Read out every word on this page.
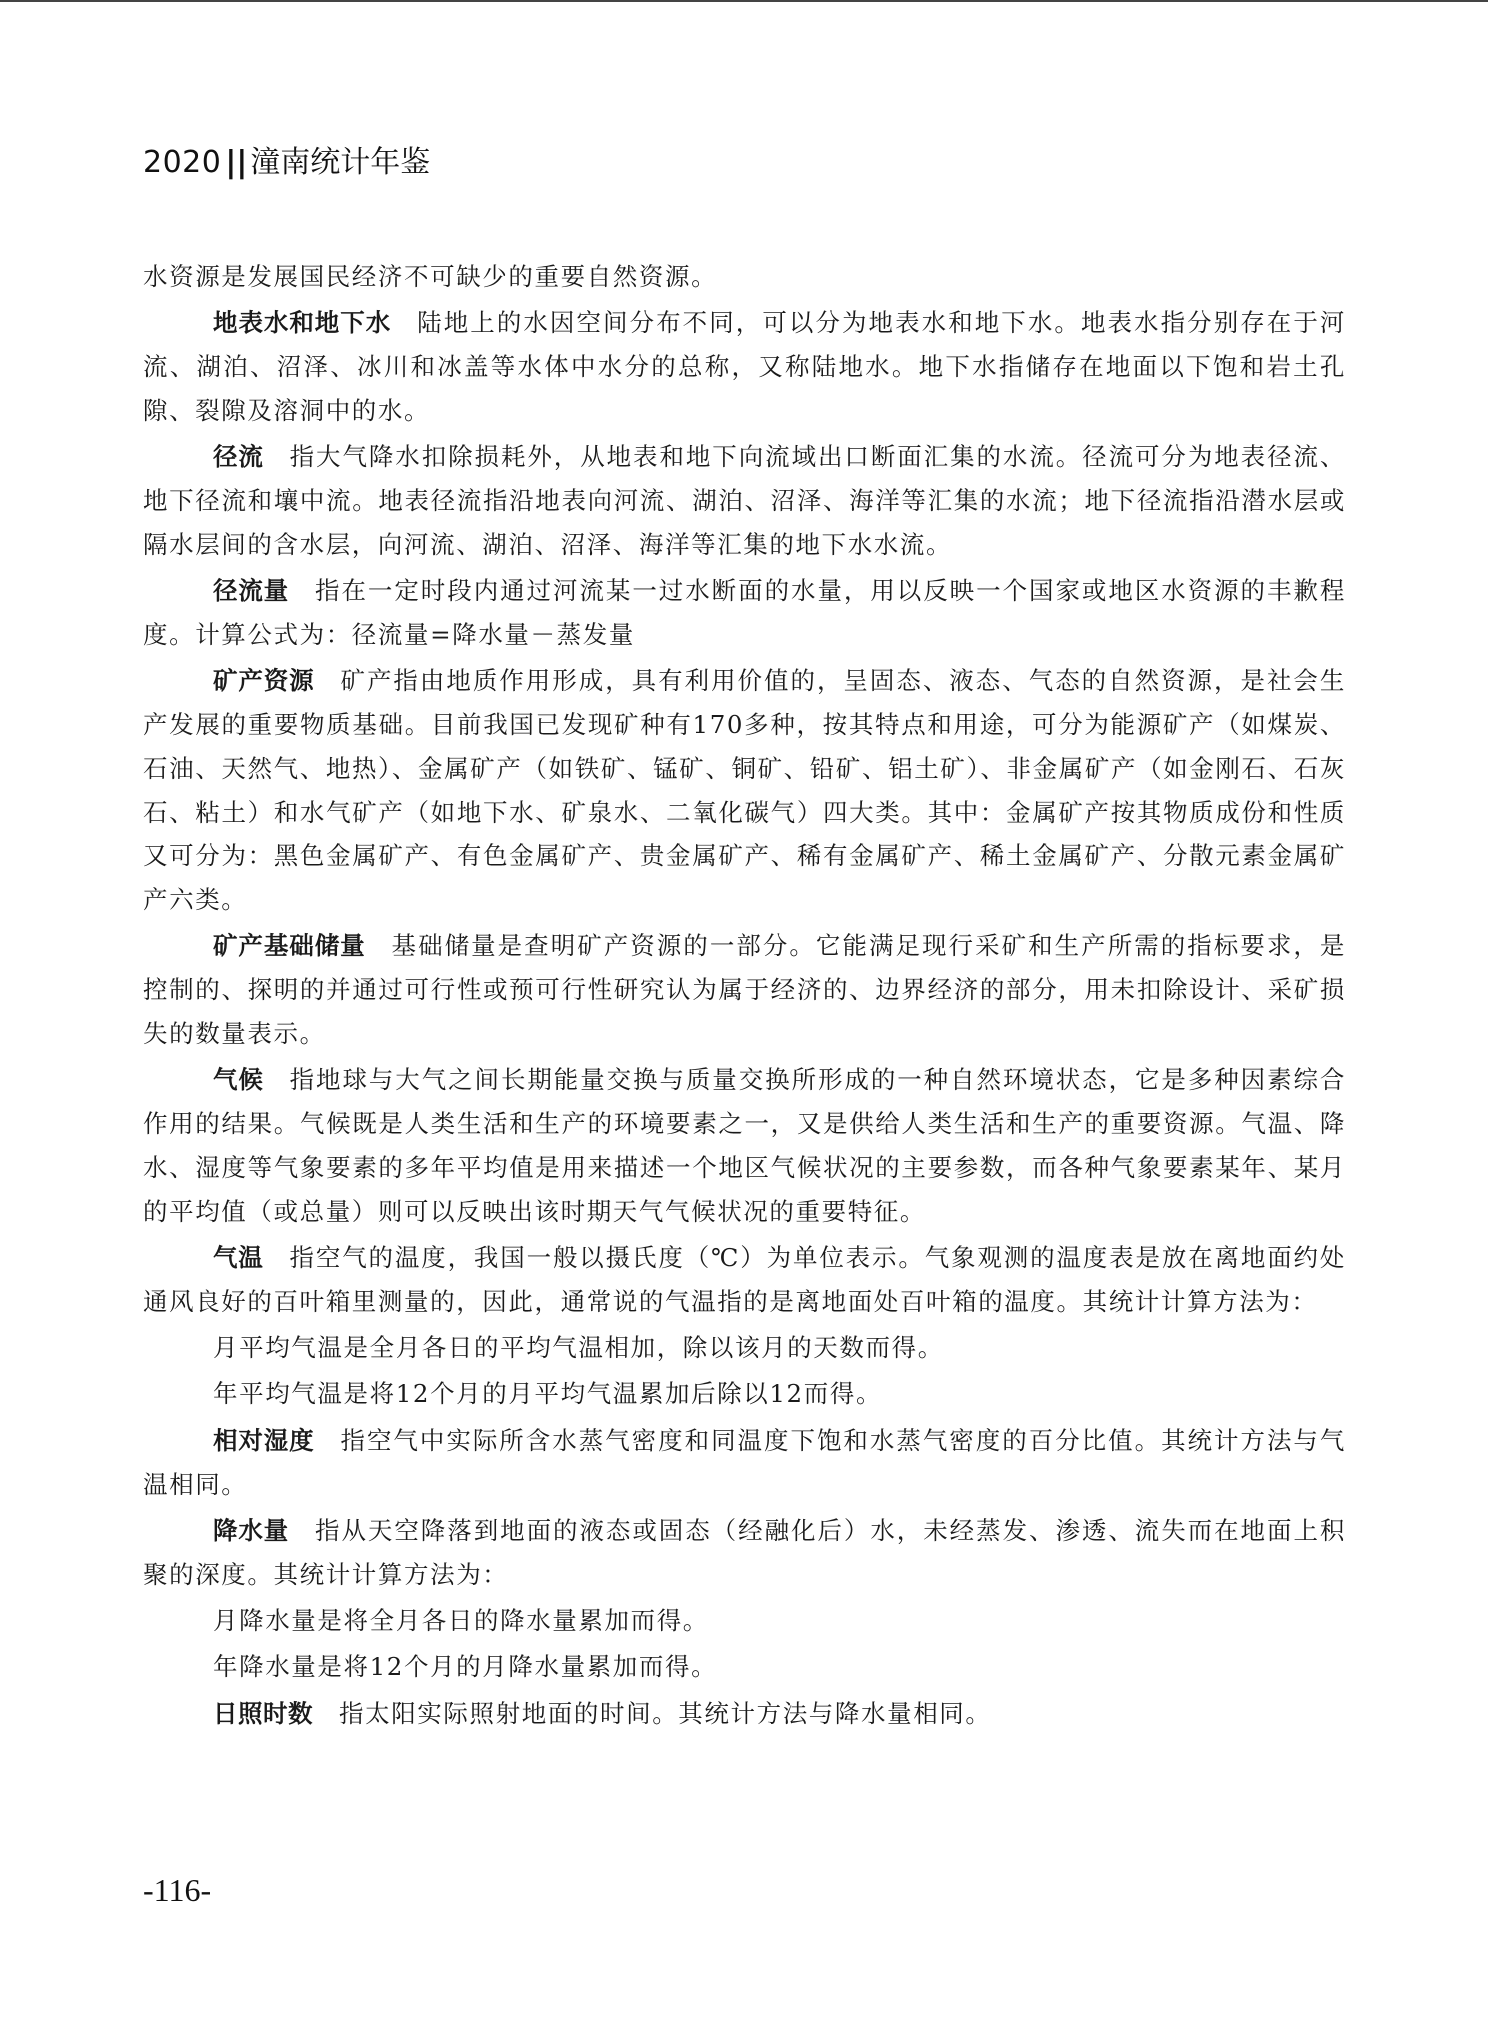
2020 || 潼南统计年鉴

水资源是发展国民经济不可缺少的重要自然资源。

地表水和地下水 陆地上的水因空间分布不同，可以分为地表水和地下水。地表水指分别存在于河流、湖泊、沼泽、冰川和冰盖等水体中水分的总称，又称陆地水。地下水指储存在地面以下饱和岩土孔隙、裂隙及溶洞中的水。

径流 指大气降水扣除损耗外，从地表和地下向流域出口断面汇集的水流。径流可分为地表径流、地下径流和壤中流。地表径流指沿地表向河流、湖泊、沼泽、海洋等汇集的水流；地下径流指沿潜水层或隔水层间的含水层，向河流、湖泊、沼泽、海洋等汇集的地下水水流。

径流量 指在一定时段内通过河流某一过水断面的水量，用以反映一个国家或地区水资源的丰歉程度。计算公式为：径流量=降水量－蒸发量

矿产资源 矿产指由地质作用形成，具有利用价值的，呈固态、液态、气态的自然资源，是社会生产发展的重要物质基础。目前我国已发现矿种有170多种，按其特点和用途，可分为能源矿产（如煤炭、石油、天然气、地热）、金属矿产（如铁矿、锰矿、铜矿、铅矿、铝土矿）、非金属矿产（如金刚石、石灰石、粘土）和水气矿产（如地下水、矿泉水、二氧化碳气）四大类。其中：金属矿产按其物质成份和性质又可分为：黑色金属矿产、有色金属矿产、贵金属矿产、稀有金属矿产、稀土金属矿产、分散元素金属矿产六类。

矿产基础储量 基础储量是查明矿产资源的一部分。它能满足现行采矿和生产所需的指标要求，是控制的、探明的并通过可行性或预可行性研究认为属于经济的、边界经济的部分，用未扣除设计、采矿损失的数量表示。

气候 指地球与大气之间长期能量交换与质量交换所形成的一种自然环境状态，它是多种因素综合作用的结果。气候既是人类生活和生产的环境要素之一，又是供给人类生活和生产的重要资源。气温、降水、湿度等气象要素的多年平均值是用来描述一个地区气候状况的主要参数，而各种气象要素某年、某月的平均值（或总量）则可以反映出该时期天气气候状况的重要特征。

气温 指空气的温度，我国一般以摄氏度（℃）为单位表示。气象观测的温度表是放在离地面约处通风良好的百叶箱里测量的，因此，通常说的气温指的是离地面处百叶箱的温度。其统计计算方法为：

月平均气温是全月各日的平均气温相加，除以该月的天数而得。

年平均气温是将12个月的月平均气温累加后除以12而得。

相对湿度 指空气中实际所含水蒸气密度和同温度下饱和水蒸气密度的百分比值。其统计方法与气温相同。

降水量 指从天空降落到地面的液态或固态（经融化后）水，未经蒸发、渗透、流失而在地面上积聚的深度。其统计计算方法为：

月降水量是将全月各日的降水量累加而得。

年降水量是将12个月的月降水量累加而得。

日照时数 指太阳实际照射地面的时间。其统计方法与降水量相同。

-116-
